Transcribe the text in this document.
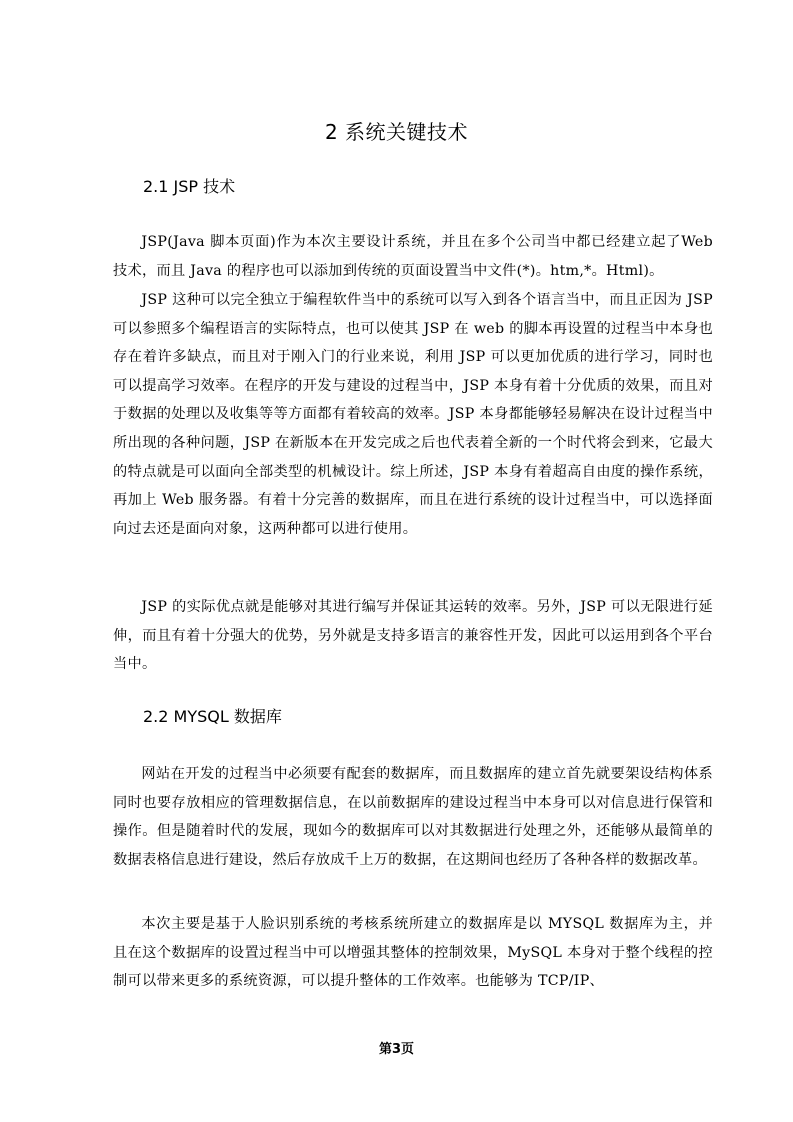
2 系统关键技术
2.1 JSP 技术

JSP(Java 脚本页面)作为本次主要设计系统，并且在多个公司当中都已经建立起了Web 技术，而且 Java 的程序也可以添加到传统的页面设置当中文件(*)。htm,*。Html)。

JSP 这种可以完全独立于编程软件当中的系统可以写入到各个语言当中，而且正因为 JSP 可以参照多个编程语言的实际特点，也可以使其 JSP 在 web 的脚本再设置的过程当中本身也存在着许多缺点，而且对于刚入门的行业来说，利用 JSP 可以更加优质的进行学习，同时也可以提高学习效率。在程序的开发与建设的过程当中，JSP 本身有着十分优质的效果，而且对于数据的处理以及收集等等方面都有着较高的效率。JSP 本身都能够轻易解决在设计过程当中所出现的各种问题，JSP 在新版本在开发完成之后也代表着全新的一个时代将会到来，它最大的特点就是可以面向全部类型的机械设计。综上所述，JSP 本身有着超高自由度的操作系统，再加上 Web 服务器。有着十分完善的数据库，而且在进行系统的设计过程当中，可以选择面向过去还是面向对象，这两种都可以进行使用。

JSP 的实际优点就是能够对其进行编写并保证其运转的效率。另外，JSP 可以无限进行延伸，而且有着十分强大的优势，另外就是支持多语言的兼容性开发，因此可以运用到各个平台当中。

2.2 MYSQL 数据库

网站在开发的过程当中必须要有配套的数据库，而且数据库的建立首先就要架设结构体系同时也要存放相应的管理数据信息，在以前数据库的建设过程当中本身可以对信息进行保管和操作。但是随着时代的发展，现如今的数据库可以对其数据进行处理之外，还能够从最简单的数据表格信息进行建设，然后存放成千上万的数据，在这期间也经历了各种各样的数据改革。

本次主要是基于人脸识别系统的考核系统所建立的数据库是以 MYSQL 数据库为主，并且在这个数据库的设置过程当中可以增强其整体的控制效果，MySQL 本身对于整个线程的控制可以带来更多的系统资源，可以提升整体的工作效率。也能够为 TCP/IP、

第3页
